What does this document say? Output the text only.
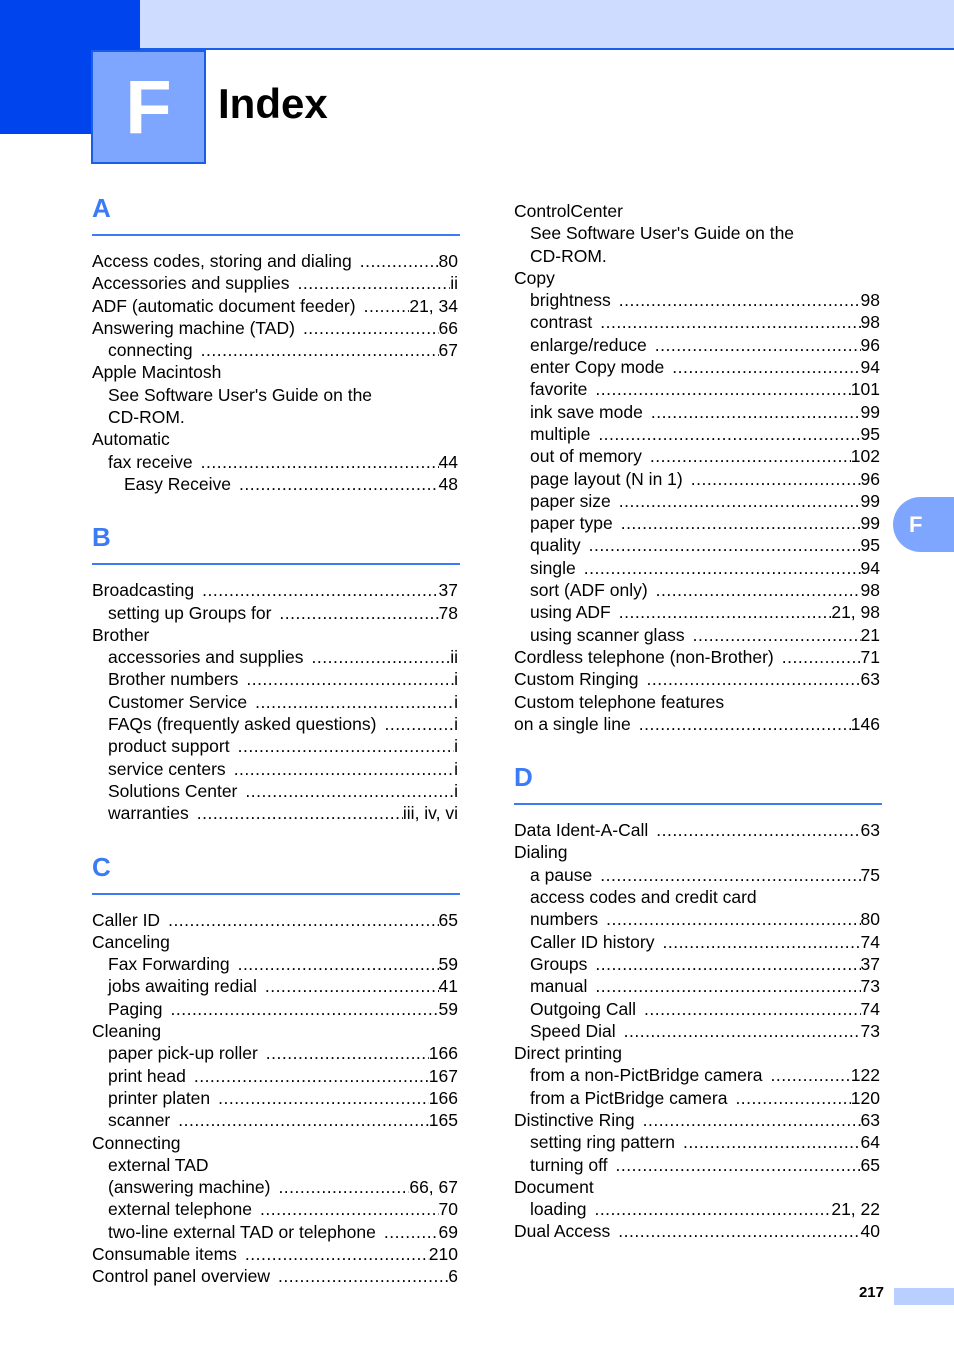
F	Index
F
A
Access codes, storing and dialing .....	80
Accessories and supplies .....	ii
ADF (automatic document feeder) .....	21, 34
Answering machine (TAD) .....	66
connecting .....	67
Apple Macintosh
See Software User's Guide on the
CD-ROM.
Automatic
fax receive .....	44
Easy Receive .....	48
B
Broadcasting .....	37
setting up Groups for .....	78
Brother
accessories and supplies .....	ii
Brother numbers .....	i
Customer Service .....	i
FAQs (frequently asked questions) .....	i
product support .....	i
service centers .....	i
Solutions Center .....	i
warranties .....	iii, iv, vi
C
Caller ID .....	65
Canceling
Fax Forwarding .....	59
jobs awaiting redial .....	41
Paging .....	59
Cleaning
paper pick-up roller .....	166
print head .....	167
printer platen .....	166
scanner .....	165
Connecting
external TAD
(answering machine) .....	66, 67
external telephone .....	70
two-line external TAD or telephone .....	69
Consumable items .....	210
Control panel overview .....	6
ControlCenter
See Software User's Guide on the
CD-ROM.
Copy
brightness .....	98
contrast .....	98
enlarge/reduce .....	96
enter Copy mode .....	94
favorite .....	101
ink save mode .....	99
multiple .....	95
out of memory .....	102
page layout (N in 1) .....	96
paper size .....	99
paper type .....	99
quality .....	95
single .....	94
sort (ADF only) .....	98
using ADF .....	21, 98
using scanner glass .....	21
Cordless telephone (non-Brother) .....	71
Custom Ringing .....	63
Custom telephone features
on a single line .....	146
D
Data Ident-A-Call .....	63
Dialing
a pause .....	75
access codes and credit card
numbers .....	80
Caller ID history .....	74
Groups .....	37
manual .....	73
Outgoing Call .....	74
Speed Dial .....	73
Direct printing
from a non-PictBridge camera .....	122
from a PictBridge camera .....	120
Distinctive Ring .....	63
setting ring pattern .....	64
turning off .....	65
Document
loading .....	21, 22
Dual Access .....	40
217
